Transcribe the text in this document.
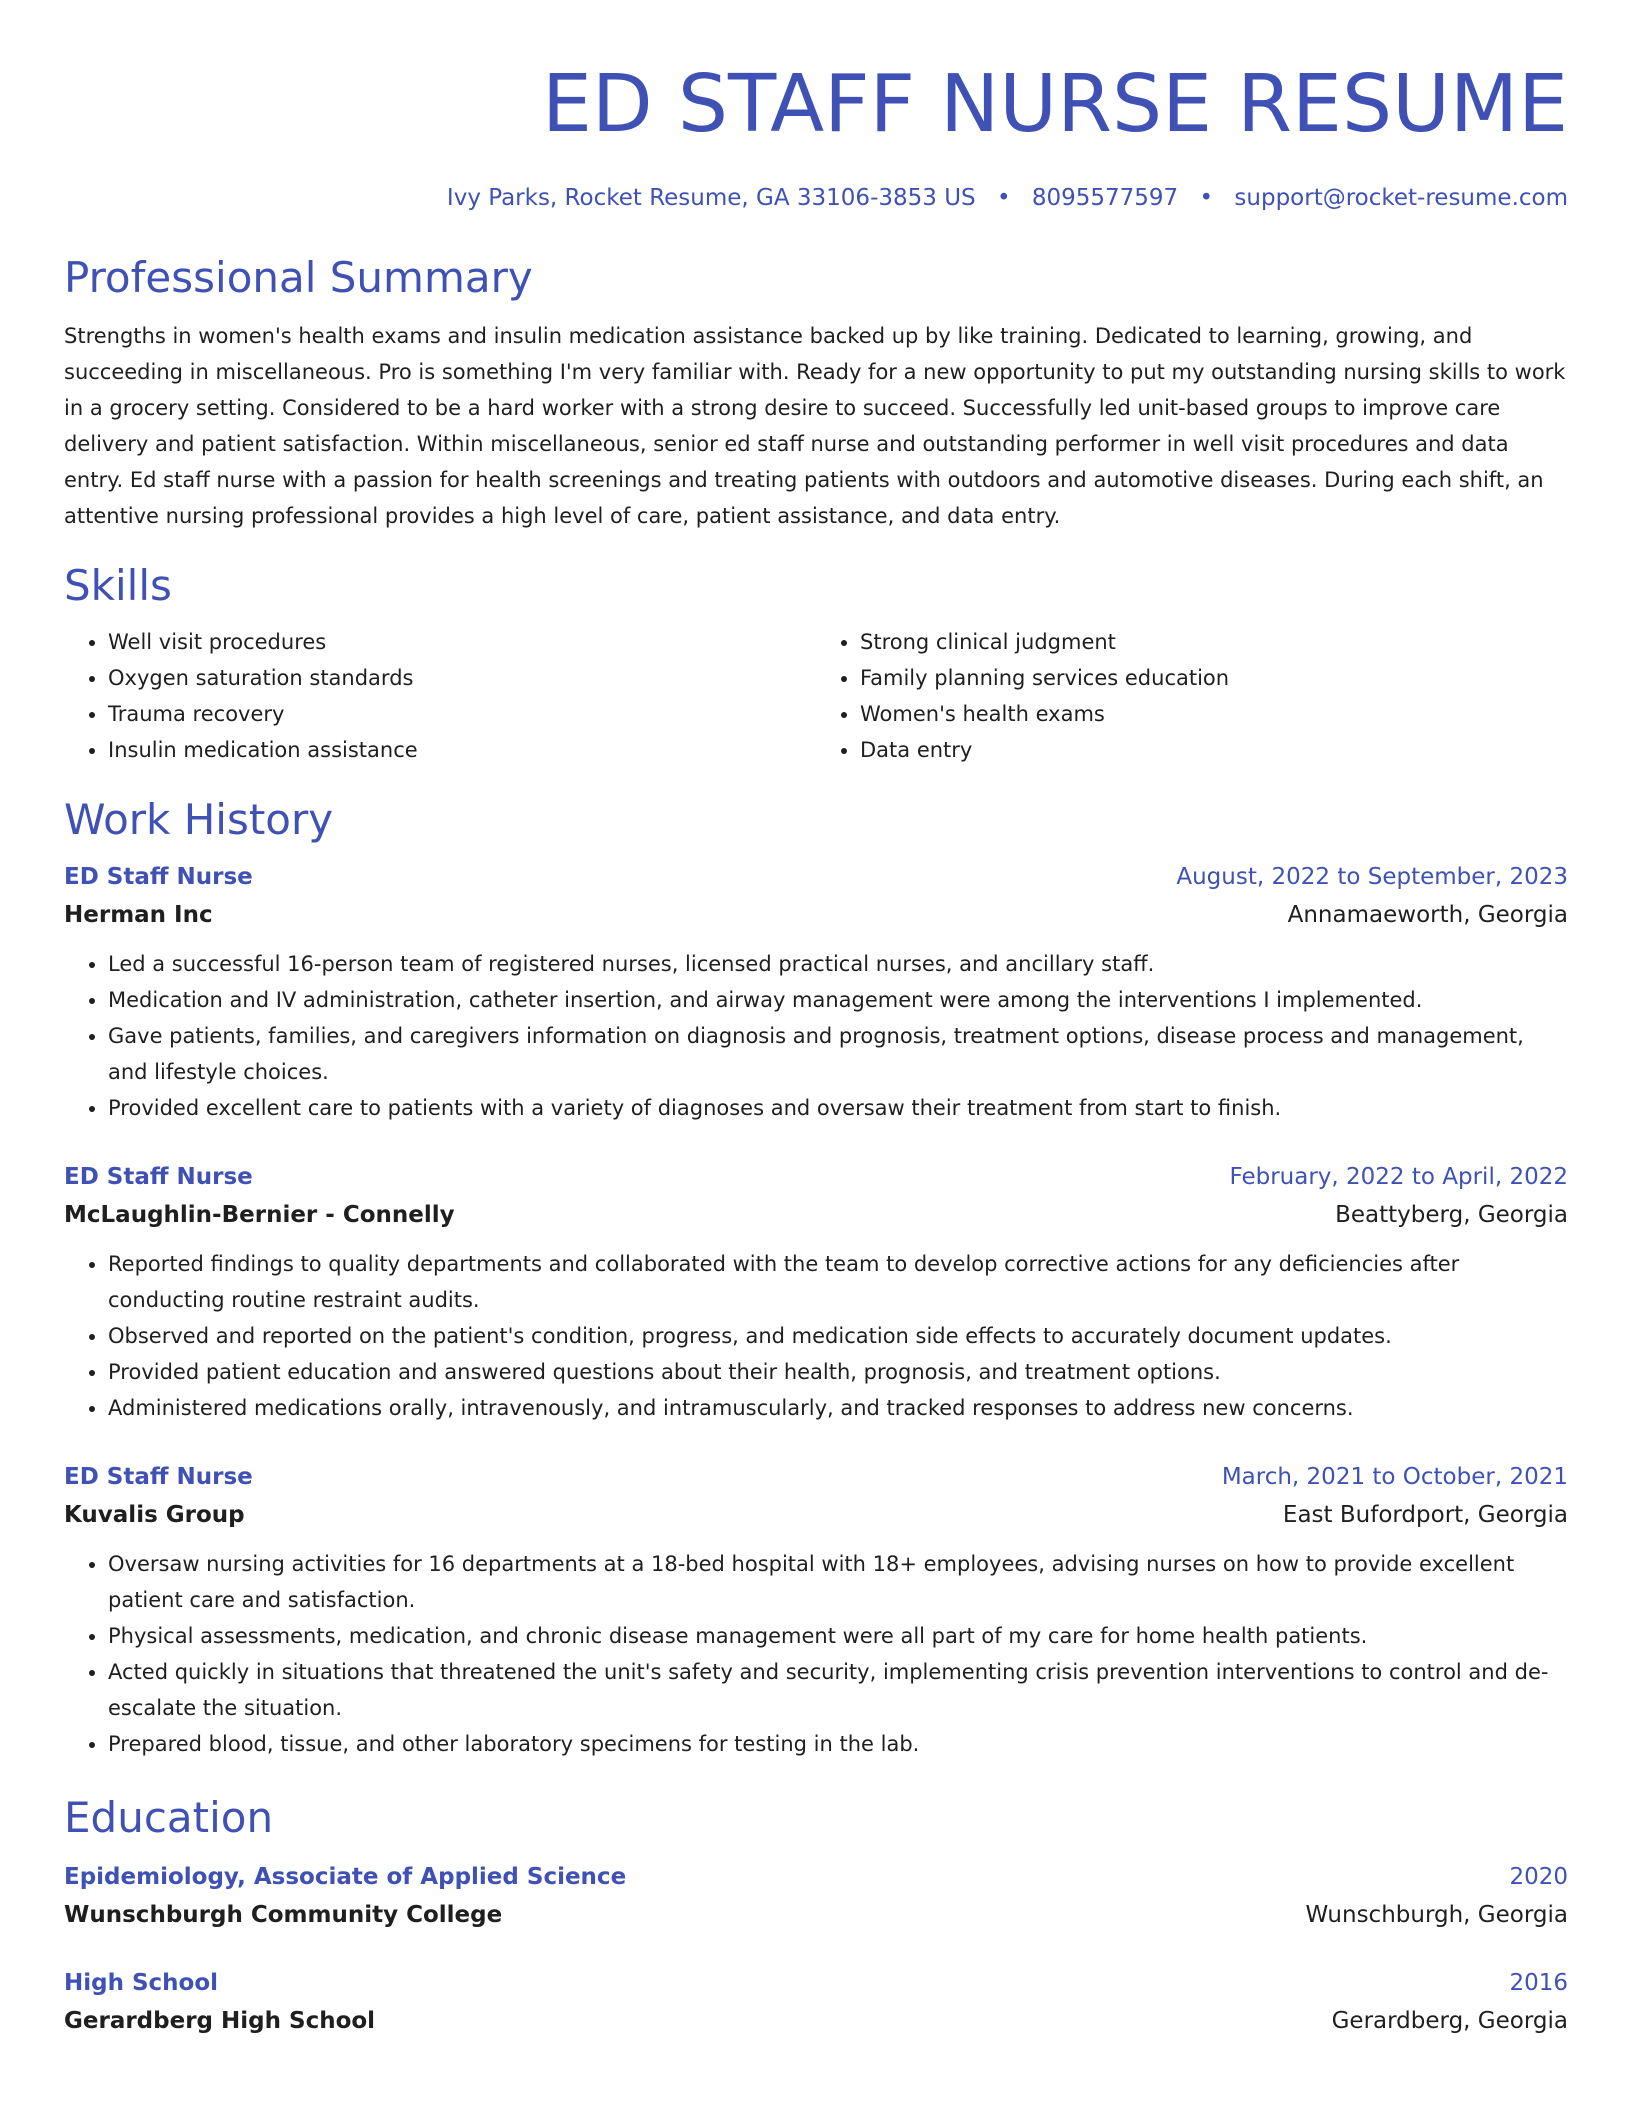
ED STAFF NURSE RESUME
Ivy Parks, Rocket Resume, GA 33106-3853 US • 8095577597 • support@rocket-resume.com
Professional Summary

Strengths in women's health exams and insulin medication assistance backed up by like training. Dedicated to learning, growing, and succeeding in miscellaneous. Pro is something I'm very familiar with. Ready for a new opportunity to put my outstanding nursing skills to work in a grocery setting. Considered to be a hard worker with a strong desire to succeed. Successfully led unit-based groups to improve care delivery and patient satisfaction. Within miscellaneous, senior ed staff nurse and outstanding performer in well visit procedures and data entry. Ed staff nurse with a passion for health screenings and treating patients with outdoors and automotive diseases. During each shift, an attentive nursing professional provides a high level of care, patient assistance, and data entry.

Skills
• Well visit procedures
• Oxygen saturation standards
• Trauma recovery
• Insulin medication assistance
• Strong clinical judgment
• Family planning services education
• Women's health exams
• Data entry
Work History
ED Staff Nurse	August, 2022 to September, 2023
Herman Inc	Annamaeworth, Georgia
• Led a successful 16-person team of registered nurses, licensed practical nurses, and ancillary staff.
• Medication and IV administration, catheter insertion, and airway management were among the interventions I implemented.
• Gave patients, families, and caregivers information on diagnosis and prognosis, treatment options, disease process and management, and lifestyle choices.
• Provided excellent care to patients with a variety of diagnoses and oversaw their treatment from start to finish.
ED Staff Nurse	February, 2022 to April, 2022
McLaughlin-Bernier - Connelly	Beattyberg, Georgia
• Reported findings to quality departments and collaborated with the team to develop corrective actions for any deficiencies after conducting routine restraint audits.
• Observed and reported on the patient's condition, progress, and medication side effects to accurately document updates.
• Provided patient education and answered questions about their health, prognosis, and treatment options.
• Administered medications orally, intravenously, and intramuscularly, and tracked responses to address new concerns.
ED Staff Nurse	March, 2021 to October, 2021
Kuvalis Group	East Bufordport, Georgia
• Oversaw nursing activities for 16 departments at a 18-bed hospital with 18+ employees, advising nurses on how to provide excellent patient care and satisfaction.
• Physical assessments, medication, and chronic disease management were all part of my care for home health patients.
• Acted quickly in situations that threatened the unit's safety and security, implementing crisis prevention interventions to control and de-escalate the situation.
• Prepared blood, tissue, and other laboratory specimens for testing in the lab.
Education
Epidemiology, Associate of Applied Science	2020
Wunschburgh Community College	Wunschburgh, Georgia
High School	2016
Gerardberg High School	Gerardberg, Georgia
